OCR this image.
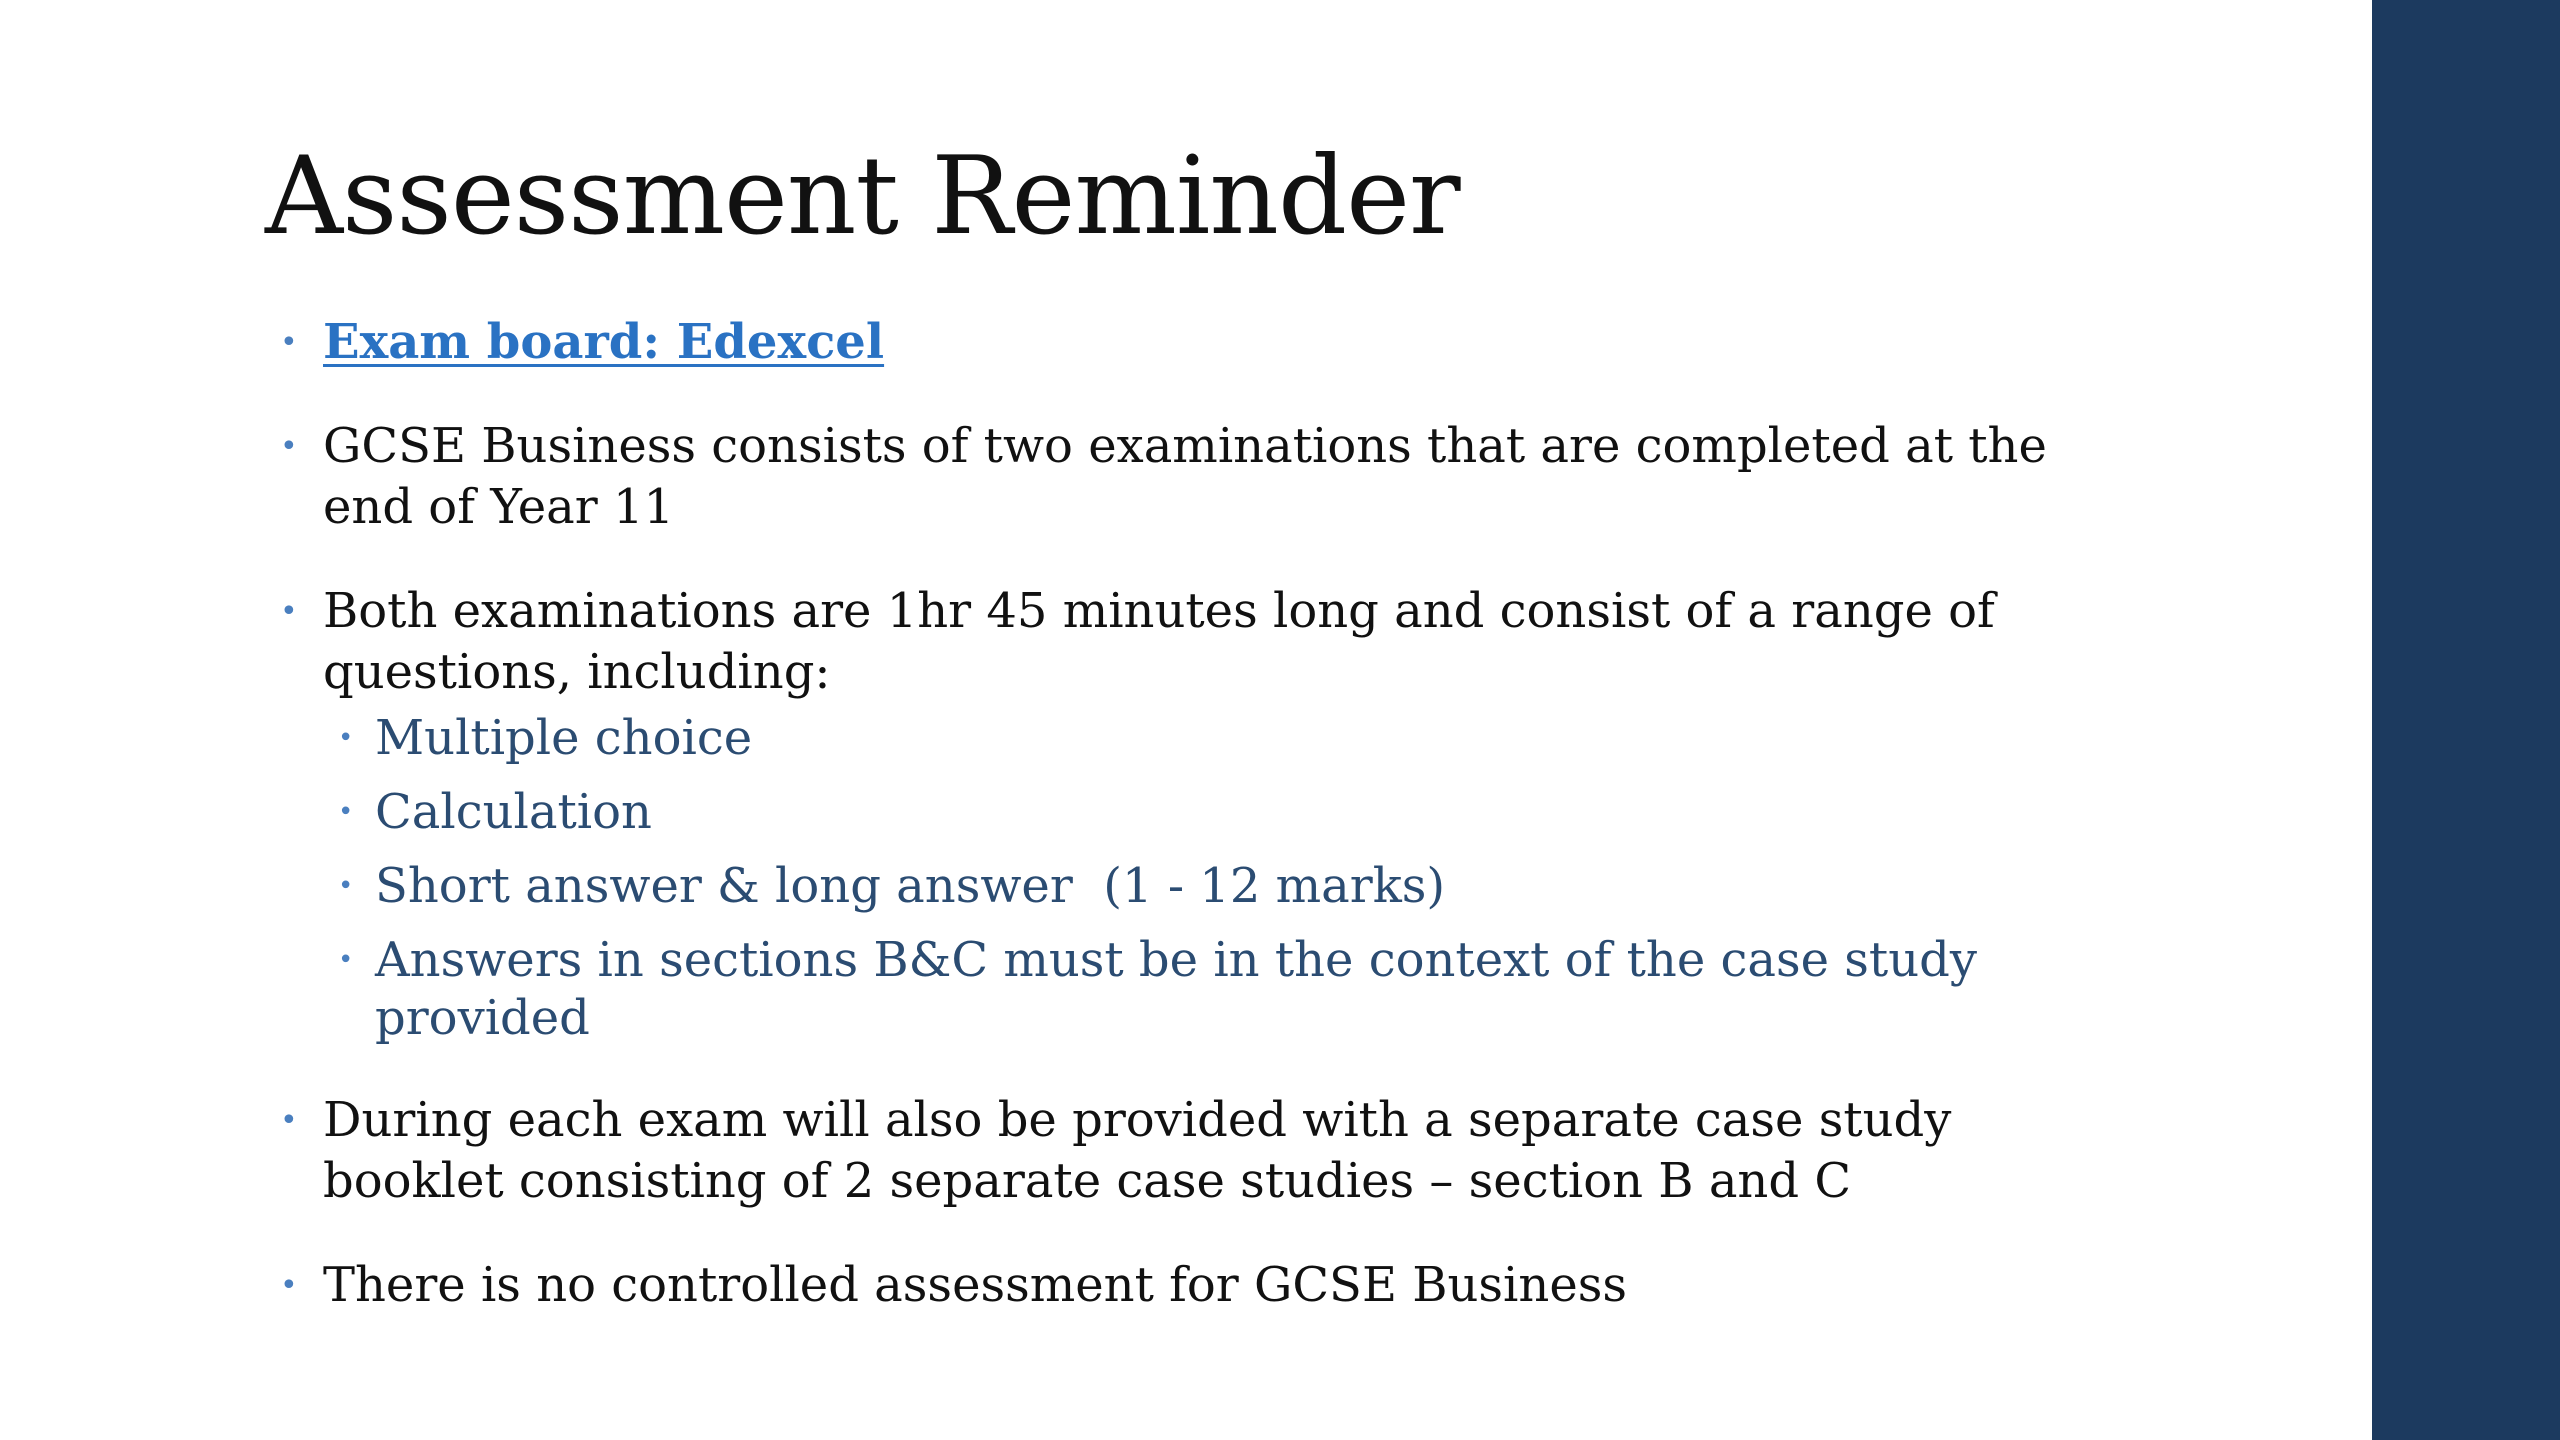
Assessment Reminder
• Exam board: Edexcel
• GCSE Business consists of two examinations that are completed at the end of Year 11
• Both examinations are 1hr 45 minutes long and consist of a range of questions, including:
• Multiple choice
• Calculation
• Short answer & long answer  (1 - 12 marks)
• Answers in sections B&C must be in the context of the case study provided
• During each exam will also be provided with a separate case study booklet consisting of 2 separate case studies – section B and C
• There is no controlled assessment for GCSE Business
